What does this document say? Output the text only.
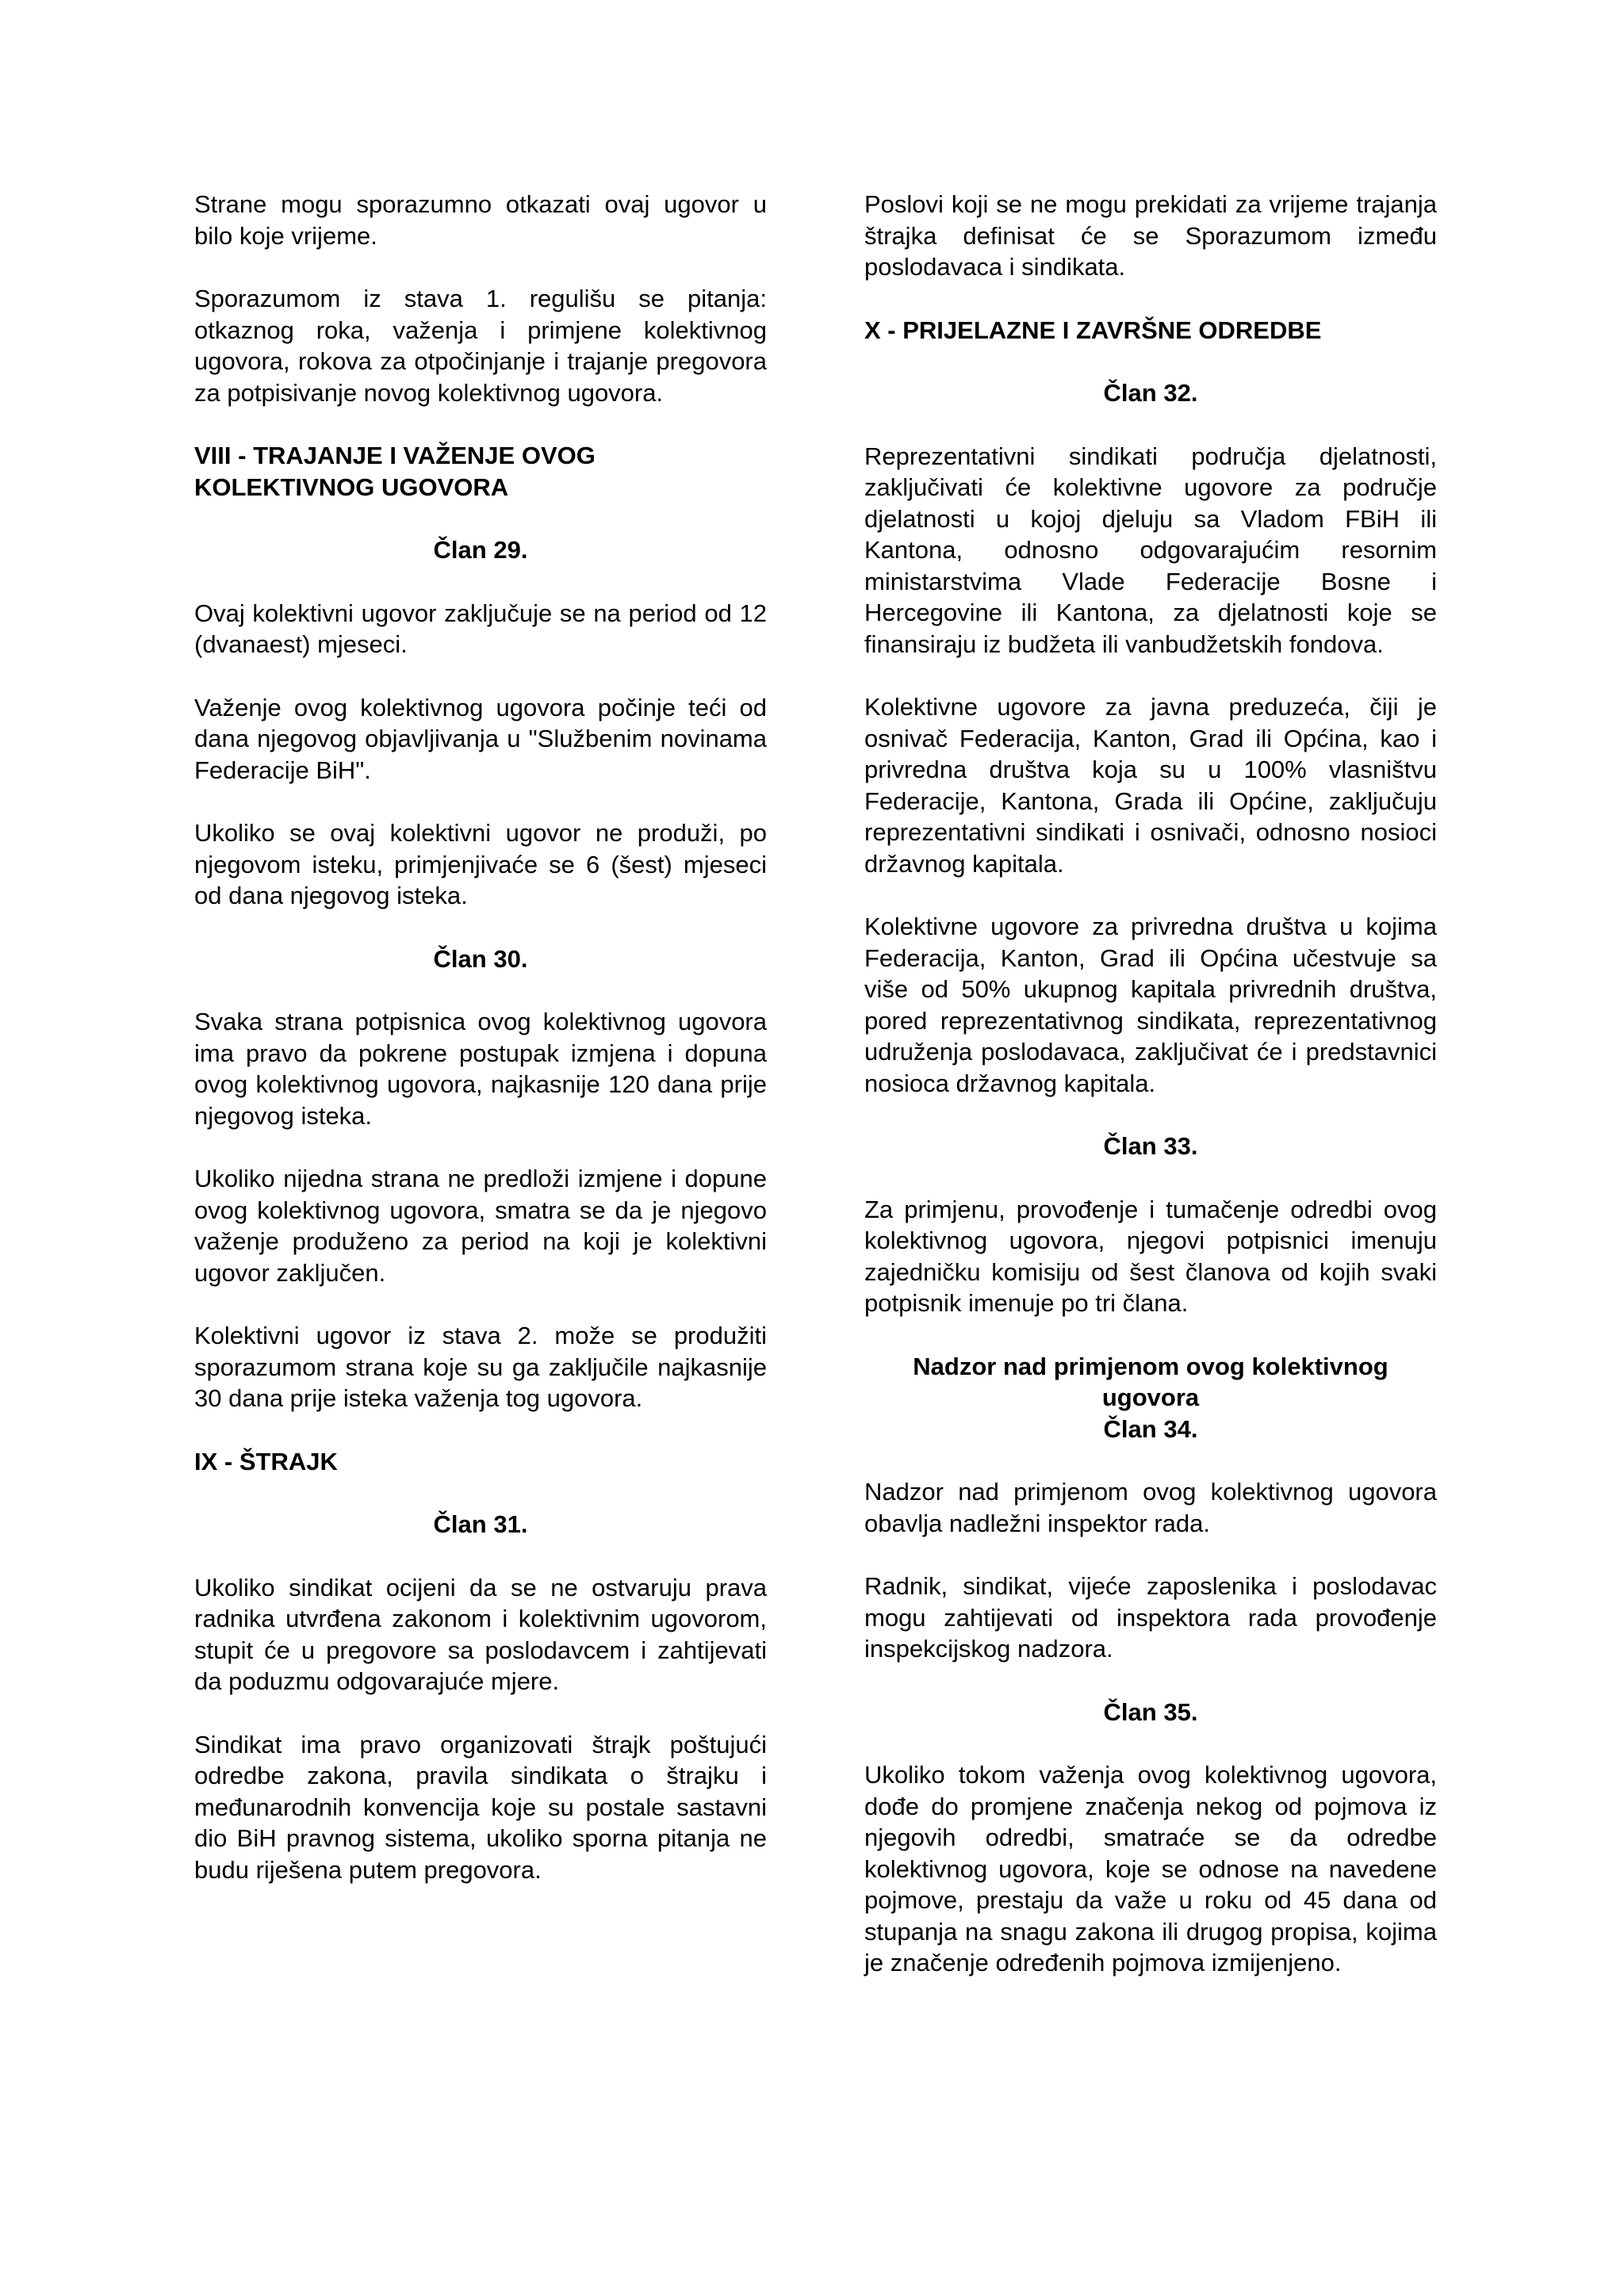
Strane mogu sporazumno otkazati ovaj ugovor u bilo koje vrijeme.

Sporazumom iz stava 1. regulišu se pitanja: otkaznog roka, važenja i primjene kolektivnog ugovora, rokova za otpočinjanje i trajanje pregovora za potpisivanje novog kolektivnog ugovora.

VIII - TRAJANJE I VAŽENJE OVOG KOLEKTIVNOG UGOVORA

Član 29.

Ovaj kolektivni ugovor zaključuje se na period od 12 (dvanaest) mjeseci.

Važenje ovog kolektivnog ugovora počinje teći od dana njegovog objavljivanja u "Službenim novinama Federacije BiH".

Ukoliko se ovaj kolektivni ugovor ne produži, po njegovom isteku, primjenjivaće se 6 (šest) mjeseci od dana njegovog isteka.

Član 30.

Svaka strana potpisnica ovog kolektivnog ugovora ima pravo da pokrene postupak izmjena i dopuna ovog kolektivnog ugovora, najkasnije 120 dana prije njegovog isteka.

Ukoliko nijedna strana ne predloži izmjene i dopune ovog kolektivnog ugovora, smatra se da je njegovo važenje produženo za period na koji je kolektivni ugovor zaključen.

Kolektivni ugovor iz stava 2. može se produžiti sporazumom strana koje su ga zaključile najkasnije 30 dana prije isteka važenja tog ugovora.

IX - ŠTRAJK

Član 31.

Ukoliko sindikat ocijeni da se ne ostvaruju prava radnika utvrđena zakonom i kolektivnim ugovorom, stupit će u pregovore sa poslodavcem i zahtijevati da poduzmu odgovarajuće mjere.

Sindikat ima pravo organizovati štrajk poštujući odredbe zakona, pravila sindikata o štrajku i međunarodnih konvencija koje su postale sastavni dio BiH pravnog sistema, ukoliko sporna pitanja ne budu riješena putem pregovora.

Poslovi koji se ne mogu prekidati za vrijeme trajanja štrajka definisat će se Sporazumom između poslodavaca i sindikata.

X - PRIJELAZNE I ZAVRŠNE ODREDBE

Član 32.

Reprezentativni sindikati područja djelatnosti, zaključivati će kolektivne ugovore za područje djelatnosti u kojoj djeluju sa Vladom FBiH ili Kantona, odnosno odgovarajućim resornim ministarstvima Vlade Federacije Bosne i Hercegovine ili Kantona, za djelatnosti koje se finansiraju iz budžeta ili vanbudžetskih fondova.

Kolektivne ugovore za javna preduzeća, čiji je osnivač Federacija, Kanton, Grad ili Općina, kao i privredna društva koja su u 100% vlasništvu Federacije, Kantona, Grada ili Općine, zaključuju reprezentativni sindikati i osnivači, odnosno nosioci državnog kapitala.

Kolektivne ugovore za privredna društva u kojima Federacija, Kanton, Grad ili Općina učestvuje sa više od 50% ukupnog kapitala privrednih društva, pored reprezentativnog sindikata, reprezentativnog udruženja poslodavaca, zaključivat će i predstavnici nosioca državnog kapitala.

Član 33.

Za primjenu, provođenje i tumačenje odredbi ovog kolektivnog ugovora, njegovi potpisnici imenuju zajedničku komisiju od šest članova od kojih svaki potpisnik imenuje po tri člana.

Nadzor nad primjenom ovog kolektivnog ugovora

Član 34.

Nadzor nad primjenom ovog kolektivnog ugovora obavlja nadležni inspektor rada.

Radnik, sindikat, vijeće zaposlenika i poslodavac mogu zahtijevati od inspektora rada provođenje inspekcijskog nadzora.

Član 35.

Ukoliko tokom važenja ovog kolektivnog ugovora, dođe do promjene značenja nekog od pojmova iz njegovih odredbi, smatraće se da odredbe kolektivnog ugovora, koje se odnose na navedene pojmove, prestaju da važe u roku od 45 dana od stupanja na snagu zakona ili drugog propisa, kojima je značenje određenih pojmova izmijenjeno.
